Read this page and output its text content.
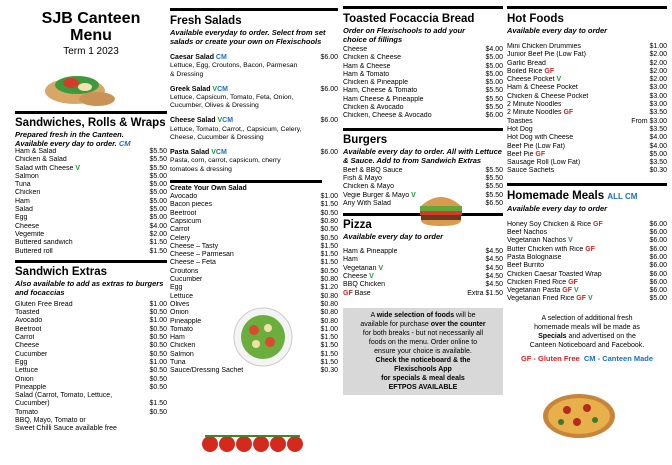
SJB Canteen
Menu
Term 1 2023
Sandwiches, Rolls & Wraps
Prepared fresh in the Canteen.
Available every day to order. CM
Ham & Salad	$5.50
Chicken & Salad	$5.50
Salad with Cheese V	$5.50
Salmon	$5.00
Tuna	$5.00
Chicken	$5.00
Ham	$5.00
Salad	$5.00
Egg	$5.00
Cheese	$4.00
Vegemite	$2.00
Buttered sandwich	$1.50
Buttered roll	$1.50
Sandwich Extras
Also available to add as extras to burgers and focaccias
Gluten Free Bread	$1.00
Toasted	$0.50
Avocado	$1.00
Beetroot	$0.50
Carrot	$0.50
Cheese	$0.50
Cucumber	$0.50
Egg	$1.00
Lettuce	$0.50
Onion	$0.50
Pineapple	$0.50
Salad (Carrot, Tomato, Lettuce,
Cucumber)	$1.50
Tomato	$0.50
BBQ, Mayo, Tomato or
Sweet Chilli Sauce available free
Fresh Salads
Available everyday to order. Select from set salads or create your own on Flexischools
Caesar Salad CM	$6.00
Lettuce, Egg, Croutons, Bacon, Parmesan & Dressing
Greek Salad VCM	$6.00
Lettuce, Capsicum, Tomato, Feta, Onion, Cucumber, Olives & Dressing
Cheese Salad VCM	$6.00
Lettuce, Tomato, Carrot,, Capsicum, Celery, Cheese, Cucumber & Dressing
Pasta Salad VCM	$6.00
Pasta, corn, carrot, capsicum, cherry tomatoes & dressing
Create Your Own Salad
Avocado	$1.00
Bacon pieces	$1.50
Beetroot	$0.50
Capsicum	$0.80
Carrot	$0.50
Celery	$0.50
Cheese – Tasty	$1.50
Cheese – Parmesan	$1.50
Cheese – Feta	$1.50
Croutons	$0.50
Cucumber	$0.80
Egg	$1.20
Lettuce	$0.80
Olives	$0.80
Onion	$0.80
Pineapple	$0.80
Tomato	$1.00
Ham	$1.50
Chicken	$1.50
Salmon	$1.50
Tuna	$1.50
Sauce/Dressing Sachet	$0.30
Toasted Focaccia Bread
Order on Flexischools to add your choice of fillings
Cheese	$4.00
Chicken & Cheese	$5.00
Ham & Cheese	$5.00
Ham & Tomato	$5.00
Chicken & Pineapple	$5.00
Ham, Cheese & Tomato	$5.50
Ham Cheese & Pineapple	$5.50
Chicken & Avocado	$5.50
Chicken, Cheese & Avocado	$6.00
Burgers
Available every day to order. All with Lettuce & Sauce. Add to from Sandwich Extras
Beef & BBQ Sauce	$5.50
Fish & Mayo	$5.50
Chicken & Mayo	$5.50
Vegie Burger & Mayo V	$5.50
Any With Salad	$6.50
Pizza
Available every day to order
Ham & Pineapple	$4.50
Ham	$4.50
Vegetarian V	$4.50
Cheese V	$4.50
BBQ Chicken	$4.50
GF Base	Extra $1.50
A wide selection of foods will be
available for purchase over the counter
for both breaks - but not necessarily all
foods on the menu. Order online to
ensure your choice is available.
Check the noticeboard & the
Flexischools App
for specials & meal deals
EFTPOS AVAILABLE
Hot Foods
Available every day to order
Mini Chicken Drummies	$1.00
Junior Beef Pie (Low Fat)	$2.00
Garlic Bread	$2.00
Boiled Rice GF	$2.00
Cheese Pocket V	$2.00
Ham & Cheese Pocket	$3.00
Chicken & Cheese Pocket	$3.00
2 Minute Noodles	$3.00
2 Minute Noodles GF	$3.50
Toasties	From $3.00
Hot Dog	$3.50
Hot Dog with Cheese	$4.00
Beef Pie (Low Fat)	$4.00
Beef Pie GF	$5.00
Sausage Roll (Low Fat)	$3.50
Sauce Sachets	$0.30
Homemade Meals ALL CM
Available every day to order
Honey Soy Chicken & Rice GF	$6.00
Beef Nachos	$6.00
Vegetarian Nachos V	$6.00
Butter Chicken with Rice GF	$6.00
Pasta Bolognaise	$6.00
Beef Burrito	$6.00
Chicken Caesar Toasted Wrap	$6.00
Chicken Fried Rice GF	$6.00
Vegetarian Pasta GF V	$6.00
Vegetarian Fried Rice GF V	$5.00
A selection of additional fresh
homemade meals will be made as
Specials and advertised on the
Canteen Noticeboard and Facebook.
GF - Gluten Free CM - Canteen Made
